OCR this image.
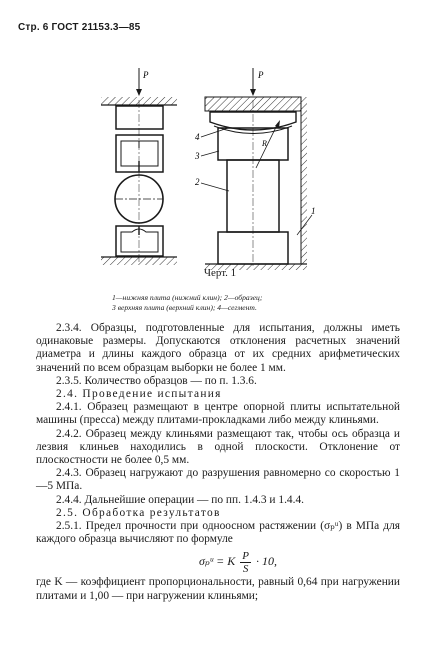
Стр. 6 ГОСТ 21153.3—85
P	P
R
4
3
2
1
Черт. 1
1—нижняя плита (нижний клин); 2—образец;
3 верхняя плита (верхний клин); 4—сегмент.

2.3.4. Образцы, подготовленные для испытания, должны иметь одинаковые размеры. Допускаются отклонения расчетных значений диаметра и длины каждого образца от их средних арифметических значений по всем образцам выборки не более 1 мм.

2.3.5. Количество образцов — по п. 1.3.6.

2.4. Проведение испытания

2.4.1. Образец размещают в центре опорной плиты испытательной машины (пресса) между плитами-прокладками либо между клиньями.

2.4.2. Образец между клиньями размещают так, чтобы ось образца и лезвия клиньев находились в одной плоскости. Отклонение от плоскостности не более 0,5 мм.

2.4.3. Образец нагружают до разрушения равномерно со скоростью 1—5 МПа.

2.4.4. Дальнейшие операции — по пп. 1.4.3 и 1.4.4.

2.5. Обработка результатов

2.5.1. Предел прочности при одноосном растяжении (σₚᵘ) в МПа для каждого образца вычисляют по формуле

σₚᵘ = K $\frac{P}{S} \cdot 10$,

где K — коэффициент пропорциональности, равный 0,64 при нагружении плитами и 1,00 — при нагружении клиньями;
